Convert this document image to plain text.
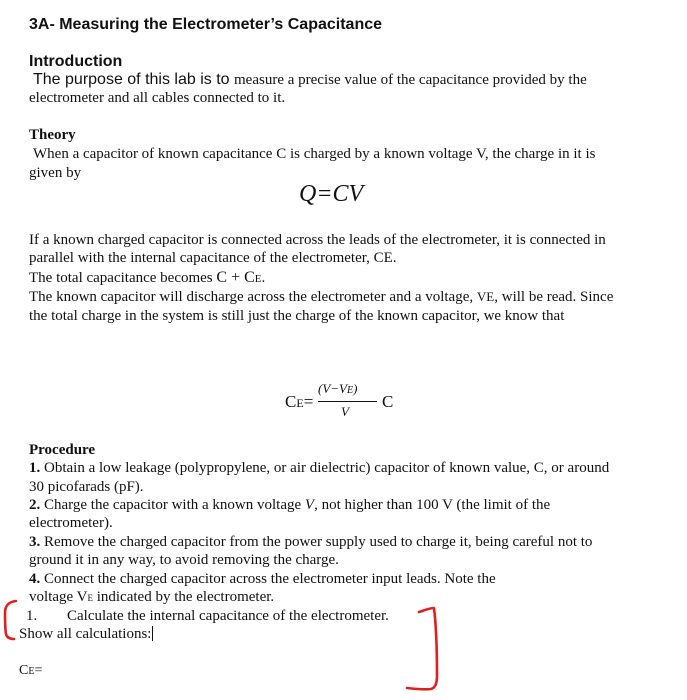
3A- Measuring the Electrometer’s Capacitance
Introduction
The purpose of this lab is to measure a precise value of the capacitance provided by the
electrometer and all cables connected to it.
Theory
When a capacitor of known capacitance C is charged by a known voltage V, the charge in it is
given by
Q=CV
If a known charged capacitor is connected across the leads of the electrometer, it is connected in
parallel with the internal capacitance of the electrometer, CE.
The total capacitance becomes C + CE.
The known capacitor will discharge across the electrometer and a voltage, VE, will be read. Since
the total charge in the system is still just the charge of the known capacitor, we know that
CE=
(V−VE)
V
C
Procedure
1. Obtain a low leakage (polypropylene, or air dielectric) capacitor of known value, C, or around
30 picofarads (pF).
2. Charge the capacitor with a known voltage V, not higher than 100 V (the limit of the
electrometer).
3. Remove the charged capacitor from the power supply used to charge it, being careful not to
ground it in any way, to avoid removing the charge.
4. Connect the charged capacitor across the electrometer input leads. Note the
voltage VE indicated by the electrometer.
1. Calculate the internal capacitance of the electrometer.
Show all calculations:
CE=
